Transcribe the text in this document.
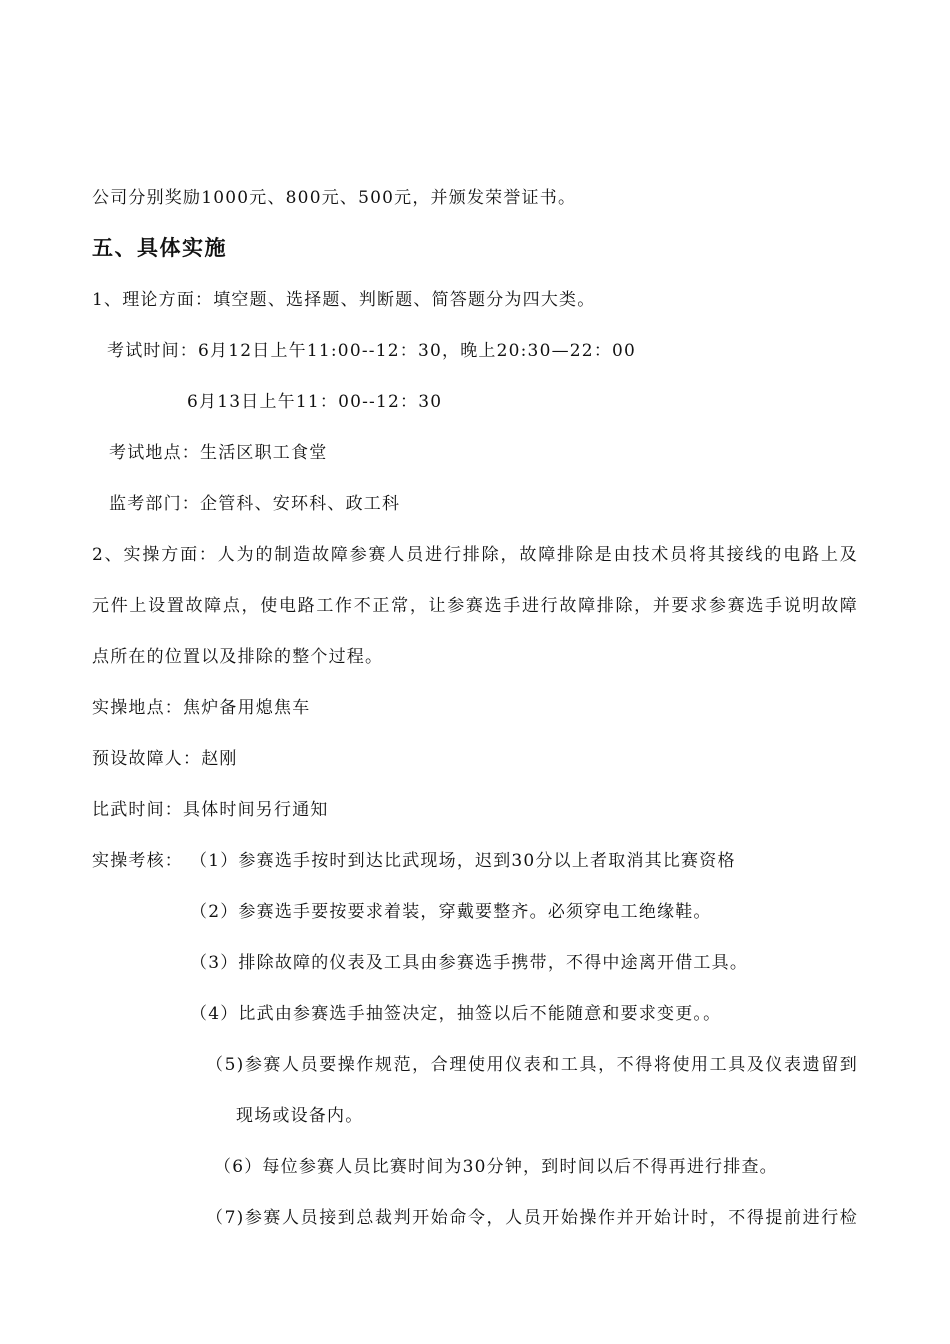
公司分别奖励1000元、800元、500元，并颁发荣誉证书。
五、具体实施
1、理论方面：填空题、选择题、判断题、简答题分为四大类。
考试时间：6月12日上午11:00--12：30，晚上20:30—22：00
6月13日上午11：00--12：30
考试地点：生活区职工食堂
监考部门：企管科、安环科、政工科
2、实操方面：人为的制造故障参赛人员进行排除，故障排除是由技术员将其接线的电路上及
元件上设置故障点，使电路工作不正常，让参赛选手进行故障排除，并要求参赛选手说明故障
点所在的位置以及排除的整个过程。
实操地点：焦炉备用熄焦车
预设故障人：赵刚
比武时间：具体时间另行通知
实操考核： （1）参赛选手按时到达比武现场，迟到30分以上者取消其比赛资格
（2）参赛选手要按要求着装，穿戴要整齐。必须穿电工绝缘鞋。
（3）排除故障的仪表及工具由参赛选手携带，不得中途离开借工具。
（4）比武由参赛选手抽签决定，抽签以后不能随意和要求变更。。
（5)参赛人员要操作规范，合理使用仪表和工具，不得将使用工具及仪表遗留到
现场或设备内。
（6）每位参赛人员比赛时间为30分钟，到时间以后不得再进行排查。
（7)参赛人员接到总裁判开始命令，人员开始操作并开始计时，不得提前进行检
